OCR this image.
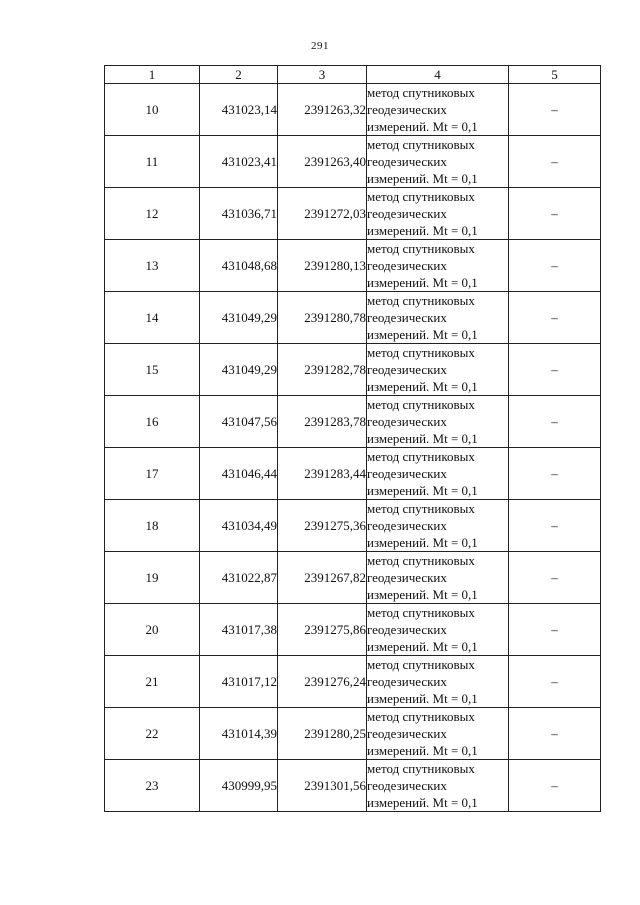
291
1	2	3	4	5
10	431023,14	2391263,32	метод спутниковых
геодезических
измерений. Mt = 0,1	–
11	431023,41	2391263,40	метод спутниковых
геодезических
измерений. Mt = 0,1	–
12	431036,71	2391272,03	метод спутниковых
геодезических
измерений. Mt = 0,1	–
13	431048,68	2391280,13	метод спутниковых
геодезических
измерений. Mt = 0,1	–
14	431049,29	2391280,78	метод спутниковых
геодезических
измерений. Mt = 0,1	–
15	431049,29	2391282,78	метод спутниковых
геодезических
измерений. Mt = 0,1	–
16	431047,56	2391283,78	метод спутниковых
геодезических
измерений. Mt = 0,1	–
17	431046,44	2391283,44	метод спутниковых
геодезических
измерений. Mt = 0,1	–
18	431034,49	2391275,36	метод спутниковых
геодезических
измерений. Mt = 0,1	–
19	431022,87	2391267,82	метод спутниковых
геодезических
измерений. Mt = 0,1	–
20	431017,38	2391275,86	метод спутниковых
геодезических
измерений. Mt = 0,1	–
21	431017,12	2391276,24	метод спутниковых
геодезических
измерений. Mt = 0,1	–
22	431014,39	2391280,25	метод спутниковых
геодезических
измерений. Mt = 0,1	–
23	430999,95	2391301,56	метод спутниковых
геодезических
измерений. Mt = 0,1	–
